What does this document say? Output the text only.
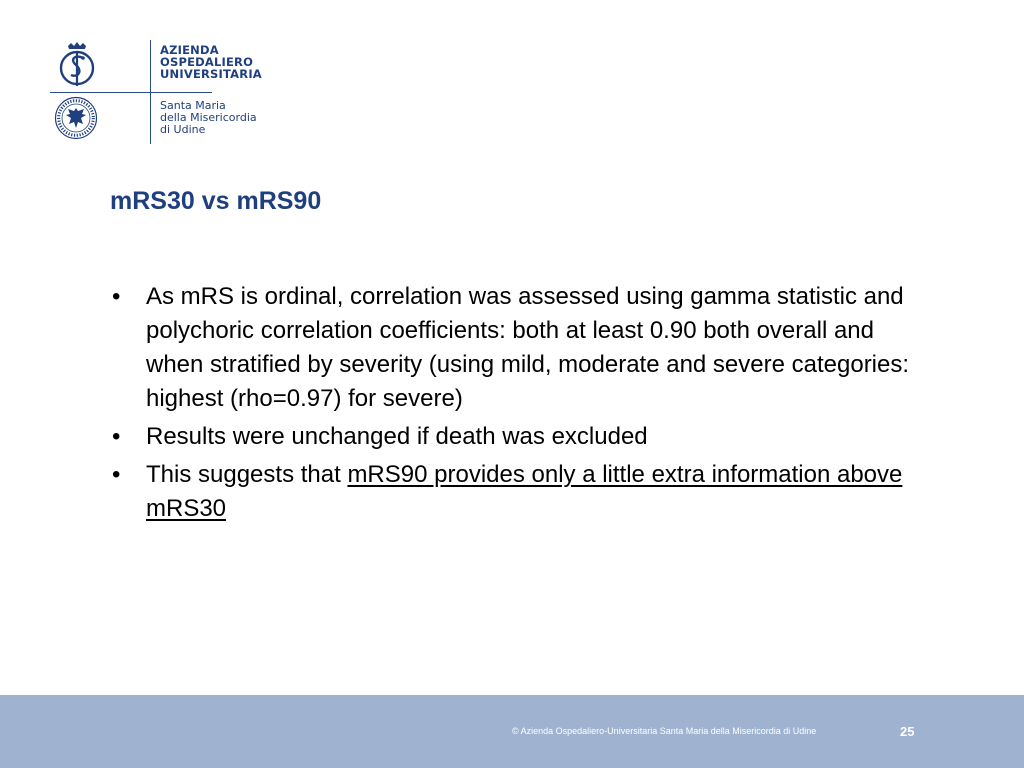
AZIENDA
OSPEDALIERO
UNIVERSITARIA
Santa Maria
della Misericordia
di Udine
mRS30 vs mRS90
• As mRS is ordinal, correlation was assessed using gamma statistic and polychoric correlation coefficients: both at least 0.90 both overall and when stratified by severity (using mild, moderate and severe categories: highest (rho=0.97) for severe)
• Results were unchanged if death was excluded
• This suggests that mRS90 provides only a little extra information above mRS30
© Azienda Ospedaliero-Universitaria Santa Maria della Misericordia di Udine	25
